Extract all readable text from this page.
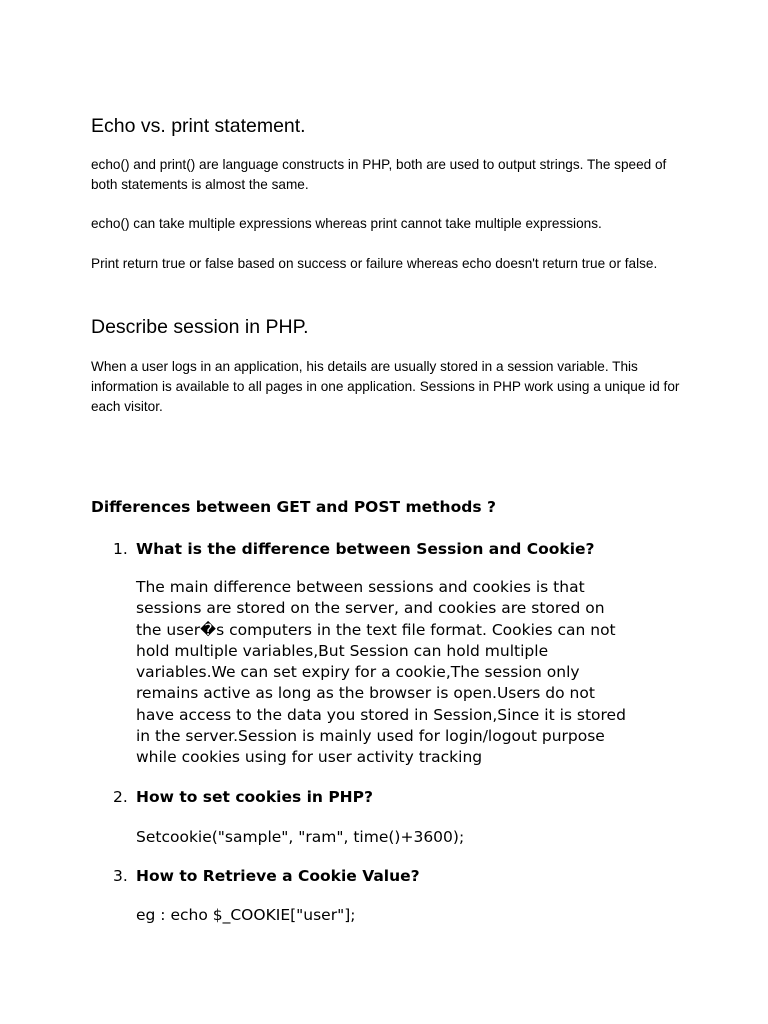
Echo vs. print statement.

echo() and print() are language constructs in PHP, both are used to output strings. The speed of both statements is almost the same.

echo() can take multiple expressions whereas print cannot take multiple expressions.

Print return true or false based on success or failure whereas echo doesn't return true or false.

Describe session in PHP.

When a user logs in an application, his details are usually stored in a session variable. This information is available to all pages in one application. Sessions in PHP work using a unique id for each visitor.

Differences between GET and POST methods ?
1. What is the difference between Session and Cookie?
The main difference between sessions and cookies is that
sessions are stored on the server, and cookies are stored on
the user�s computers in the text file format. Cookies can not
hold multiple variables,But Session can hold multiple
variables.We can set expiry for a cookie,The session only
remains active as long as the browser is open.Users do not
have access to the data you stored in Session,Since it is stored
in the server.Session is mainly used for login/logout purpose
while cookies using for user activity tracking
2. How to set cookies in PHP?
Setcookie("sample", "ram", time()+3600);
3. How to Retrieve a Cookie Value?
eg : echo $_COOKIE["user"];
